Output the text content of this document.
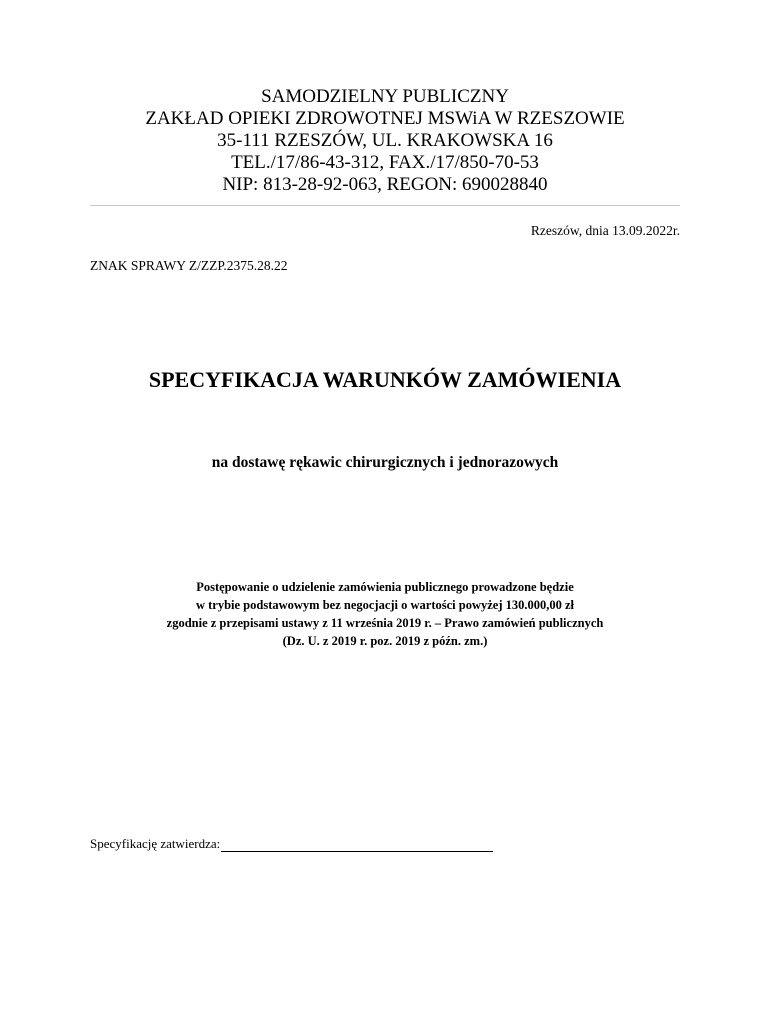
SAMODZIELNY PUBLICZNY
ZAKŁAD OPIEKI ZDROWOTNEJ MSWiA W RZESZOWIE
35-111 RZESZÓW, UL. KRAKOWSKA 16
TEL./17/86-43-312, FAX./17/850-70-53
NIP: 813-28-92-063, REGON: 690028840
Rzeszów, dnia 13.09.2022r.
ZNAK SPRAWY Z/ZZP.2375.28.22
SPECYFIKACJA WARUNKÓW ZAMÓWIENIA
na dostawę rękawic chirurgicznych i jednorazowych
Postępowanie o udzielenie zamówienia publicznego prowadzone będzie
w trybie podstawowym bez negocjacji o wartości powyżej 130.000,00 zł
zgodnie z przepisami ustawy z 11 września 2019 r. – Prawo zamówień publicznych
(Dz. U. z 2019 r. poz. 2019 z późn. zm.)
Specyfikację zatwierdza:
